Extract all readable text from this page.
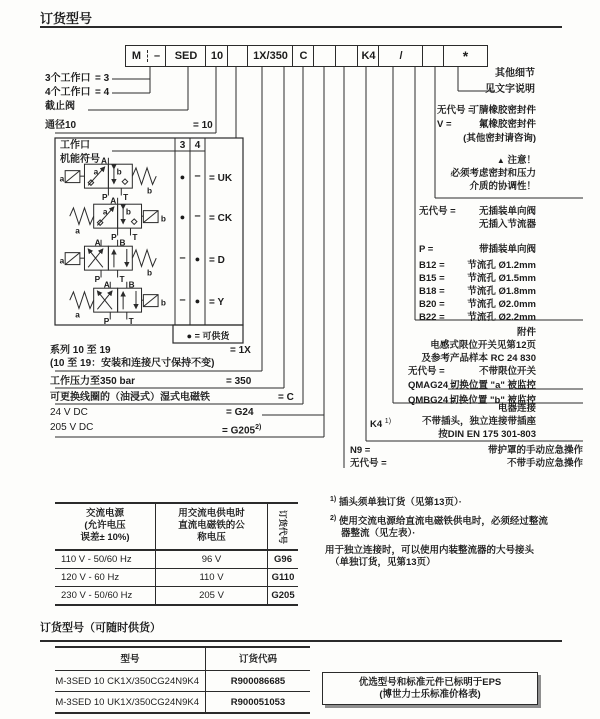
订货型号
M	–	SED	10	1X/350	C	K4	/	*
3个工作口 = 3
4个工作口 = 4
截止阀
通径10	= 10
工作口	3 4
机能符号
a
A
a b
P T
b
a
A
a b
P T
b
a
A B
P T
b
a
A B
P T
b
● – = UK
● – = CK
–	● = D
–	● = Y
● = 可供货
系列 10 至 19	= 1X
(10 至 19：安装和连接尺寸保持不变)
工作压力至350 bar	= 350
可更换线圈的（油浸式）湿式电磁铁	= C
24 V DC	= G24
205 V DC	= $G205^{2)}$
其他细节
见文字说明
无代号 =
丁腈橡胶密封件
V =	氟橡胶密封件
(其他密封请咨询)
▲ 注意！
必须考虑密封和压力
介质的协调性！
无代号 = 无插装单向阀
无插入节流器
P =	带插装单向阀
B12 = 节流孔 Ø1.2mm
B15 = 节流孔 Ø1.5mm
B18 = 节流孔 Ø1.8mm
B20 = 节流孔 Ø2.0mm
B22 = 节流孔 Ø2.2mm
附件
电感式限位开关见第12页
及参考产品样本 RC 24 830
无代号 =	不带限位开关
QMAG24 =
切换位置 "a" 被监控
QMBG24 =
切换位置 "b" 被监控
电器连接
K4 $^{1)}$	不带插头，独立连接带插座
按DIN EN 175 301-803
N9 =	带护罩的手动应急操作
无代号 =	不带手动应急操作
$^{1)}$ 插头须单独订货（见第13页）·
$^{2)}$ 使用交流电源给直流电磁铁供电时，必须经过整流
器整流（见左表）·
用于独立连接时，可以使用内装整流器的大号接头
（单独订货，见第13页）
交流电源
(允许电压
误差± 10%)
用交流电供电时
直流电磁铁的公
称电压	订货代号
110 V - 50/60 Hz	96 V	G96
120 V - 60 Hz	110 V	G110
230 V - 50/60 Hz	205 V	G205
订货型号（可随时供货）
型号	订货代码
M-3SED 10 CK1X/350CG24N9K4	R900086685
M-3SED 10 UK1X/350CG24N9K4	R900051053
优选型号和标准元件已标明于EPS
(博世力士乐标准价格表)
